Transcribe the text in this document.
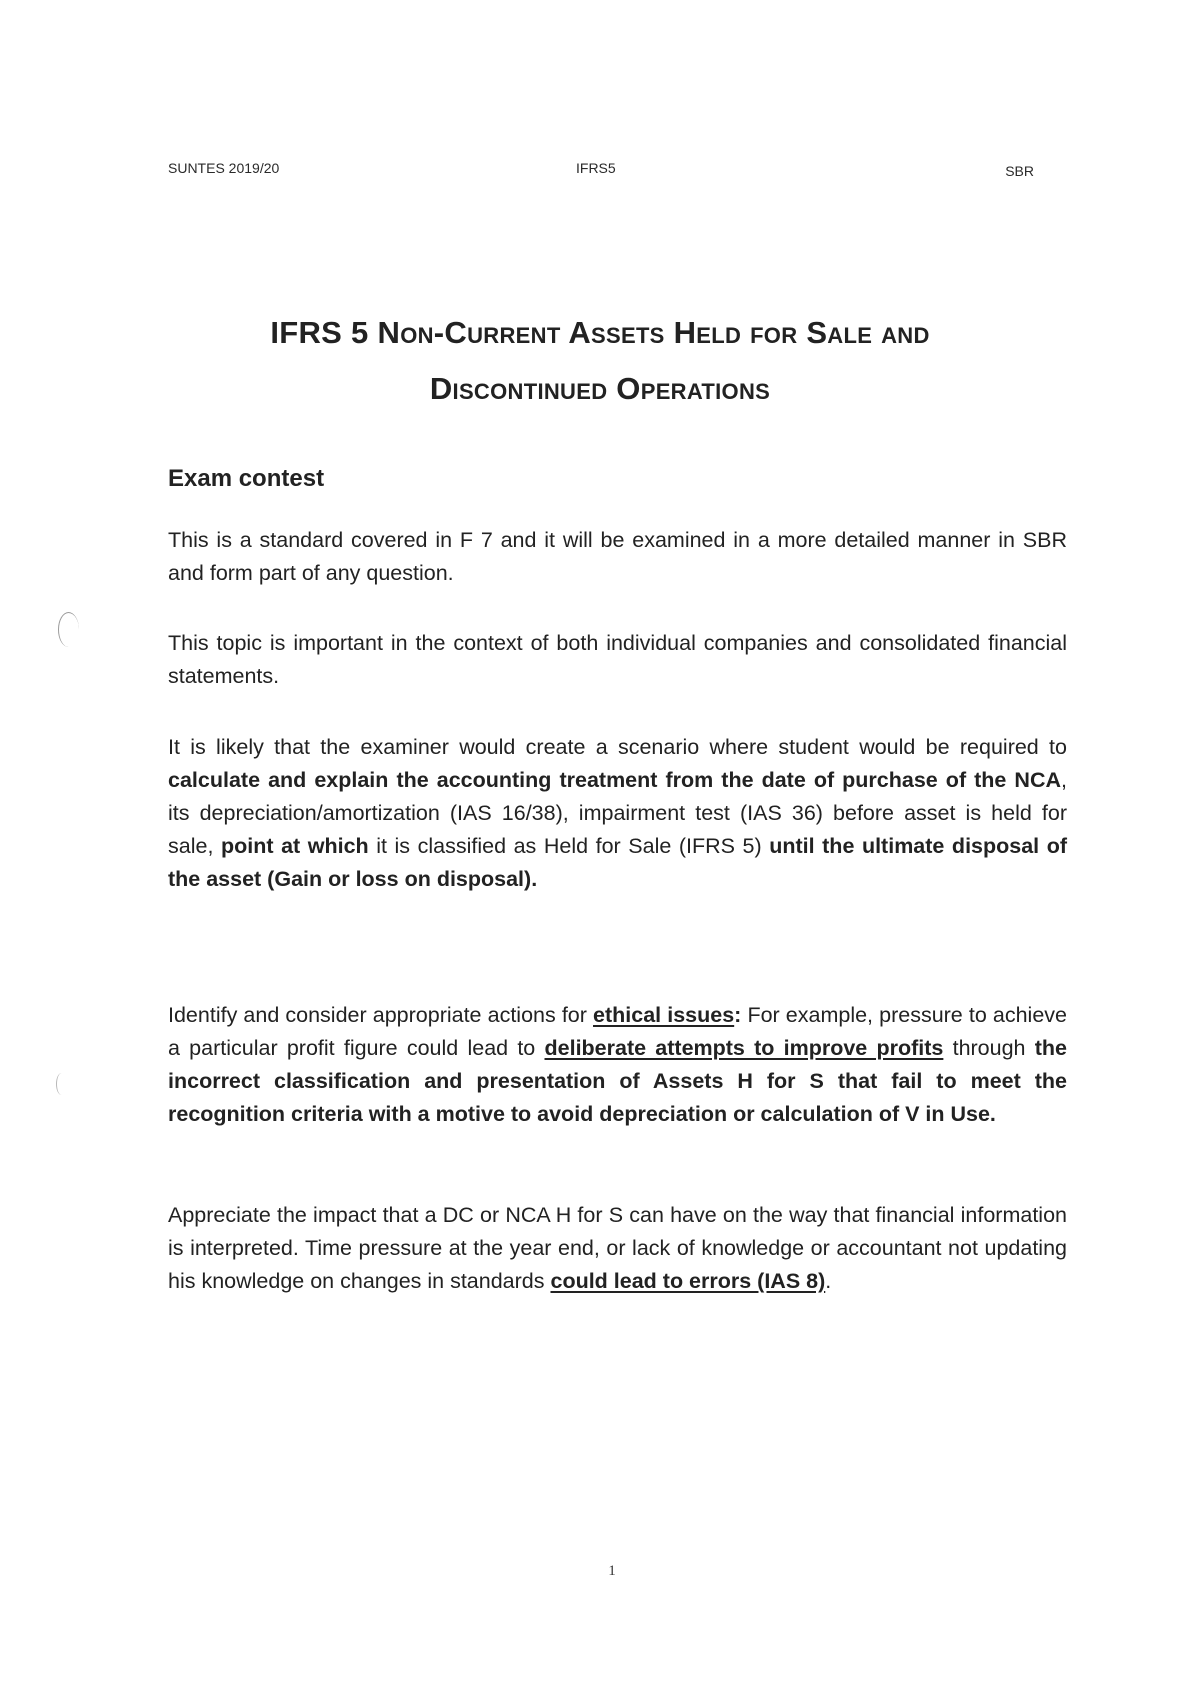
SUNTES 2019/20	IFRS5	SBR
IFRS 5 Non-Current Assets Held for Sale and
Discontinued Operations
Exam contest

This is a standard covered in F 7 and it will be examined in a more detailed manner in SBR and form part of any question.

This topic is important in the context of both individual companies and consolidated financial statements.

It is likely that the examiner would create a scenario where student would be required to calculate and explain the accounting treatment from the date of purchase of the NCA, its depreciation/amortization (IAS 16/38), impairment test (IAS 36) before asset is held for sale, point at which it is classified as Held for Sale (IFRS 5) until the ultimate disposal of the asset (Gain or loss on disposal).

Identify and consider appropriate actions for ethical issues: For example, pressure to achieve a particular profit figure could lead to deliberate attempts to improve profits through the incorrect classification and presentation of Assets H for S that fail to meet the recognition criteria with a motive to avoid depreciation or calculation of V in Use.

Appreciate the impact that a DC or NCA H for S can have on the way that financial information is interpreted. Time pressure at the year end, or lack of knowledge or accountant not updating his knowledge on changes in standards could lead to errors (IAS 8).

1
